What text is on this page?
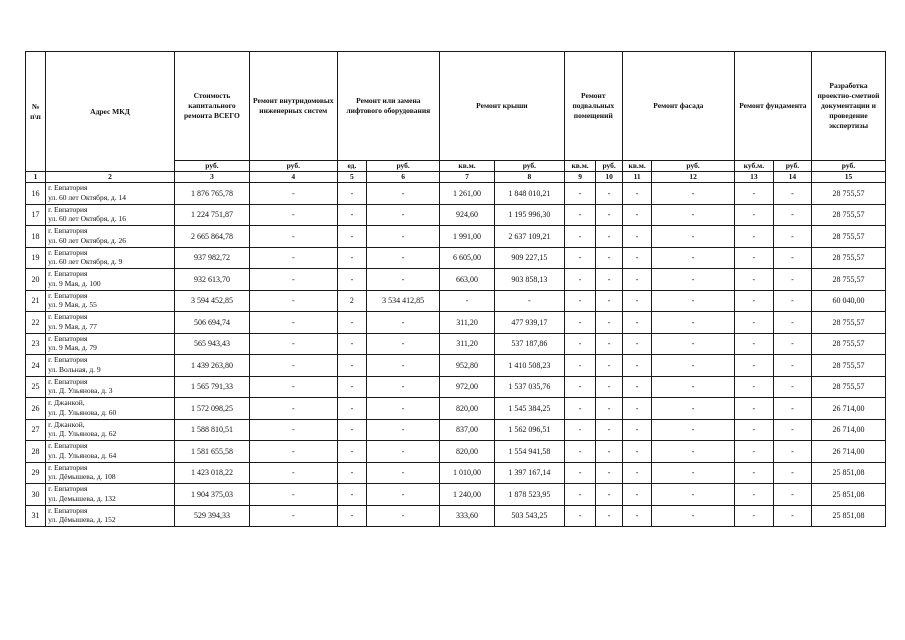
№ п\п	Адрес МКД	Стоимость капитального ремонта ВСЕГО	Ремонт внутридомовых инженерных систем	Ремонт или замена лифтового оборудования		Ремонт крыши		Ремонт подвальных помещений		Ремонт фасада		Ремонт фундамента		Разработка проектно-сметной документации и проведение экспертизы
		руб.	руб.	ед.	руб.	кв.м.	руб.	кв.м.	руб.	кв.м.	руб.	куб.м.	руб.	руб.
1	2	3	4	5	6	7	8	9	10	11	12	13	14	15
16	г. Евпатория
ул. 60 лет Октября, д. 14	1 876 765,78	-	-	-	1 261,00	1 848 010,21	-	-	-	-	-	-	28 755,57
17	г. Евпатория
ул. 60 лет Октября, д. 16	1 224 751,87	-	-	-	924,60	1 195 996,30	-	-	-	-	-	-	28 755,57
18	г. Евпатория
ул. 60 лет Октября, д. 26	2 665 864,78	-	-	-	1 991,00	2 637 109,21	-	-	-	-	-	-	28 755,57
19	г. Евпатория
ул. 60 лет Октября, д. 9	937 982,72	-	-	-	6 605,00	909 227,15	-	-	-	-	-	-	28 755,57
20	г. Евпатория
ул. 9 Мая, д. 100	932 613,70	-	-	-	663,00	903 858,13	-	-	-	-	-	-	28 755,57
21	г. Евпатория
ул. 9 Мая, д. 55	3 594 452,85	-	2	3 534 412,85	-	-	-	-	-	-	-	-	60 040,00
22	г. Евпатория
ул. 9 Мая, д. 77	506 694,74	-	-	-	311,20	477 939,17	-	-	-	-	-	-	28 755,57
23	г. Евпатория
ул. 9 Мая, д. 79	565 943,43	-	-	-	311,20	537 187,86	-	-	-	-	-	-	28 755,57
24	г. Евпатория
ул. Вольная, д. 9	1 439 263,80	-	-	-	952,80	1 410 508,23	-	-	-	-	-	-	28 755,57
25	г. Евпатория
ул. Д. Ульянова, д. 3	1 565 791,33	-	-	-	972,00	1 537 035,76	-	-	-	-	-	-	28 755,57
26	г. Джанкой,
ул. Д. Ульянова, д. 60	1 572 098,25	-	-	-	820,00	1 545 384,25	-	-	-	-	-	-	26 714,00
27	г. Джанкой,
ул. Д. Ульянова, д. 62	1 588 810,51	-	-	-	837,00	1 562 096,51	-	-	-	-	-	-	26 714,00
28	г. Евпатория
ул. Д. Ульянова, д. 64	1 581 655,58	-	-	-	820,00	1 554 941,58	-	-	-	-	-	-	26 714,00
29	г. Евпатория
ул. Дёмышева, д. 108	1 423 018,22	-	-	-	1 010,00	1 397 167,14	-	-	-	-	-	-	25 851,08
30	г. Евпатория
ул. Демышева, д. 132	1 904 375,03	-	-	-	1 240,00	1 878 523,95	-	-	-	-	-	-	25 851,08
31	г. Евпатория
ул. Дёмышева, д. 152	529 394,33	-	-	-	333,60	503 543,25	-	-	-	-	-	-	25 851,08
